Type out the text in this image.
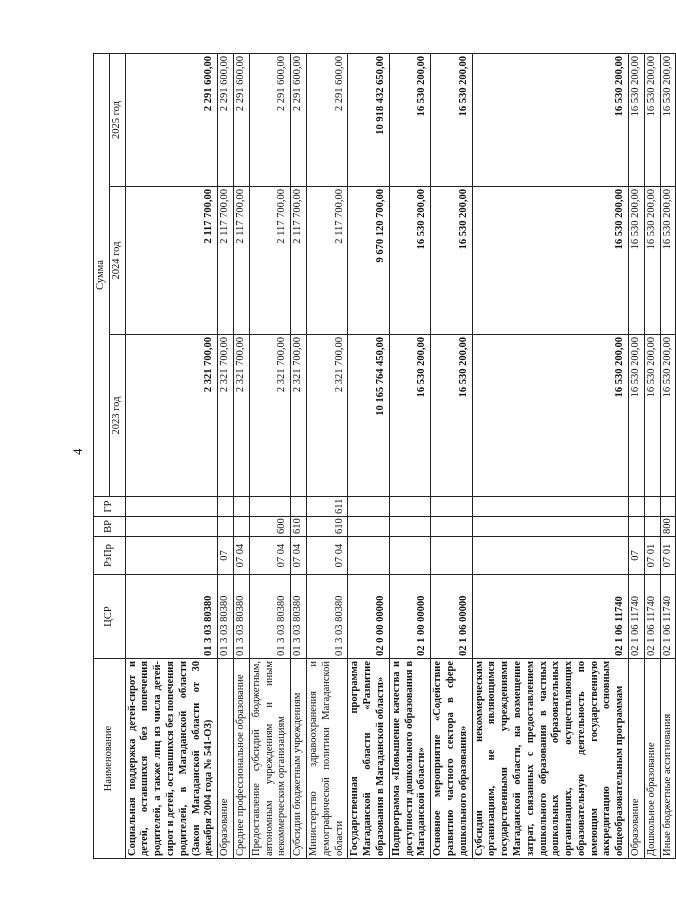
4
Наименование	ЦСР	РзПр	ВР	ГР	Сумма		
					2023 год	2024 год	2025 год
Социальная поддержка детей-сирот и детей, оставшихся без попечения родителей, а также лиц из числа детей-сирот и детей, оставшихся без попечения родителей, в Магаданской области (Закон Магаданской области от 30 декабря 2004 года № 541-ОЗ)	01 3 03 80380				2 321 700,00	2 117 700,00	2 291 600,00
Образование	01 3 03 80380	07			2 321 700,00	2 117 700,00	2 291 600,00
Среднее профессиональное образование	01 3 03 80380	07 04			2 321 700,00	2 117 700,00	2 291 600,00
Предоставление субсидий бюджетным, автономным учреждениям и иным некоммерческим организациям	01 3 03 80380	07 04	600		2 321 700,00	2 117 700,00	2 291 600,00
Субсидии бюджетным учреждениям	01 3 03 80380	07 04	610		2 321 700,00	2 117 700,00	2 291 600,00
Министерство здравоохранения и демографической политики Магаданской области	01 3 03 80380	07 04	610	611	2 321 700,00	2 117 700,00	2 291 600,00
Государственная программа Магаданской области «Развитие образования в Магаданской области»	02 0 00 00000				10 165 764 450,00	9 670 120 700,00	10 918 432 650,00
Подпрограмма «Повышение качества и доступности дошкольного образования в Магаданской области»	02 1 00 00000				16 530 200,00	16 530 200,00	16 530 200,00
Основное мероприятие «Содействие развитию частного сектора в сфере дошкольного образования»	02 1 06 00000				16 530 200,00	16 530 200,00	16 530 200,00
Субсидии некоммерческим организациям, не являющимся государственными учреждениями Магаданской области, на возмещение затрат, связанных с предоставлением дошкольного образования в частных дошкольных образовательных организациях, осуществляющих образовательную деятельность по имеющим государственную аккредитацию основным общеобразовательным программам	02 1 06 11740				16 530 200,00	16 530 200,00	16 530 200,00
Образование	02 1 06 11740	07			16 530 200,00	16 530 200,00	16 530 200,00
Дошкольное образование	02 1 06 11740	07 01			16 530 200,00	16 530 200,00	16 530 200,00
Иные бюджетные ассигнования	02 1 06 11740	07 01	800		16 530 200,00	16 530 200,00	16 530 200,00
